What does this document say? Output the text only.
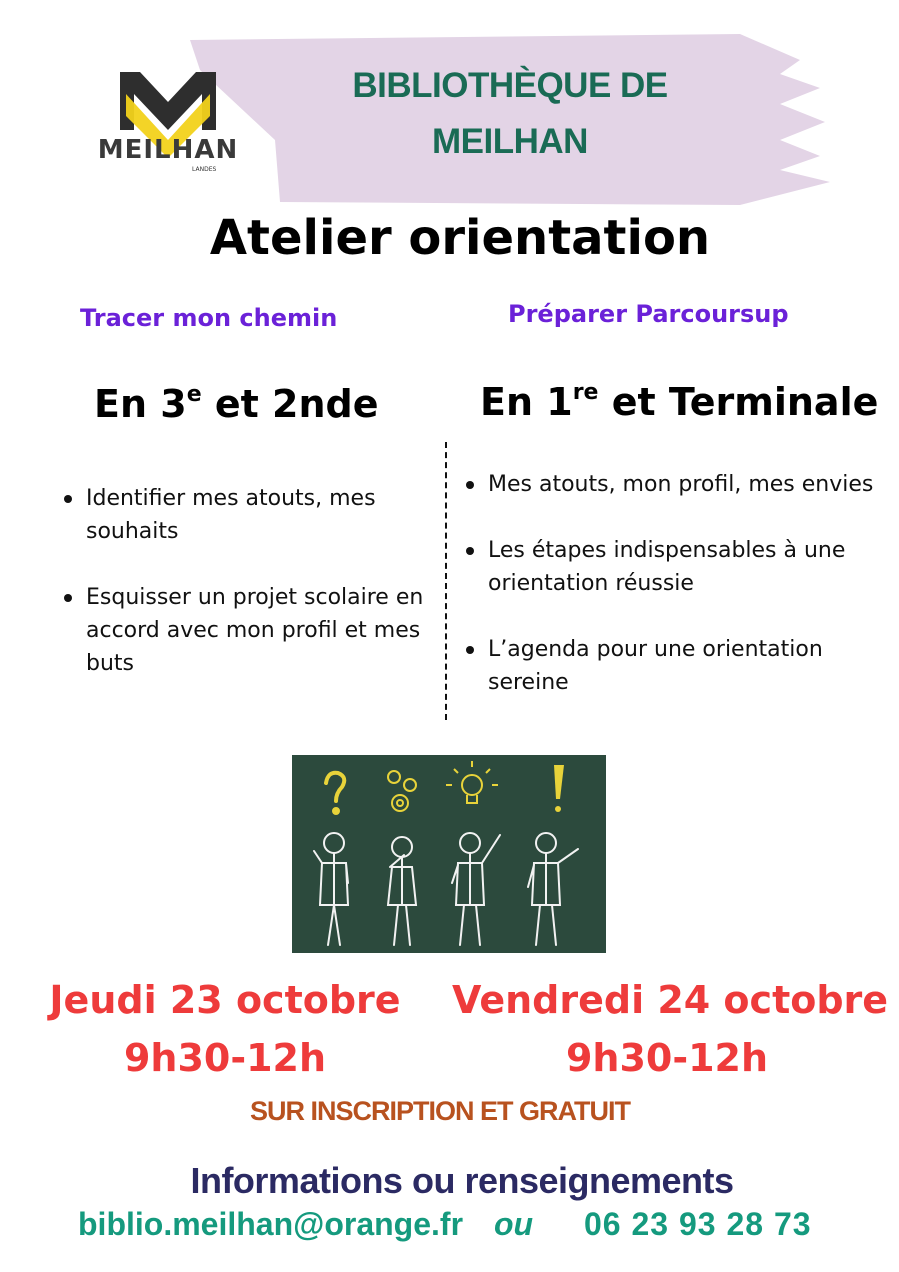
MEILHAN
LANDES
BIBLIOTHÈQUE DE
MEILHAN
Atelier orientation
Tracer mon chemin	Préparer Parcoursup
En 3e et 2nde	En 1re et Terminale
Identifier mes atouts, mes souhaits
Esquisser un projet scolaire en accord avec mon profil et mes buts
Mes atouts, mon profil, mes envies
Les étapes indispensables à une orientation réussie
L’agenda pour une orientation sereine
Jeudi 23 octobre Vendredi 24 octobre
9h30-12h	9h30-12h
SUR INSCRIPTION ET GRATUIT
Informations ou renseignements
biblio.meilhan@orange.fr ou 06 23 93 28 73
